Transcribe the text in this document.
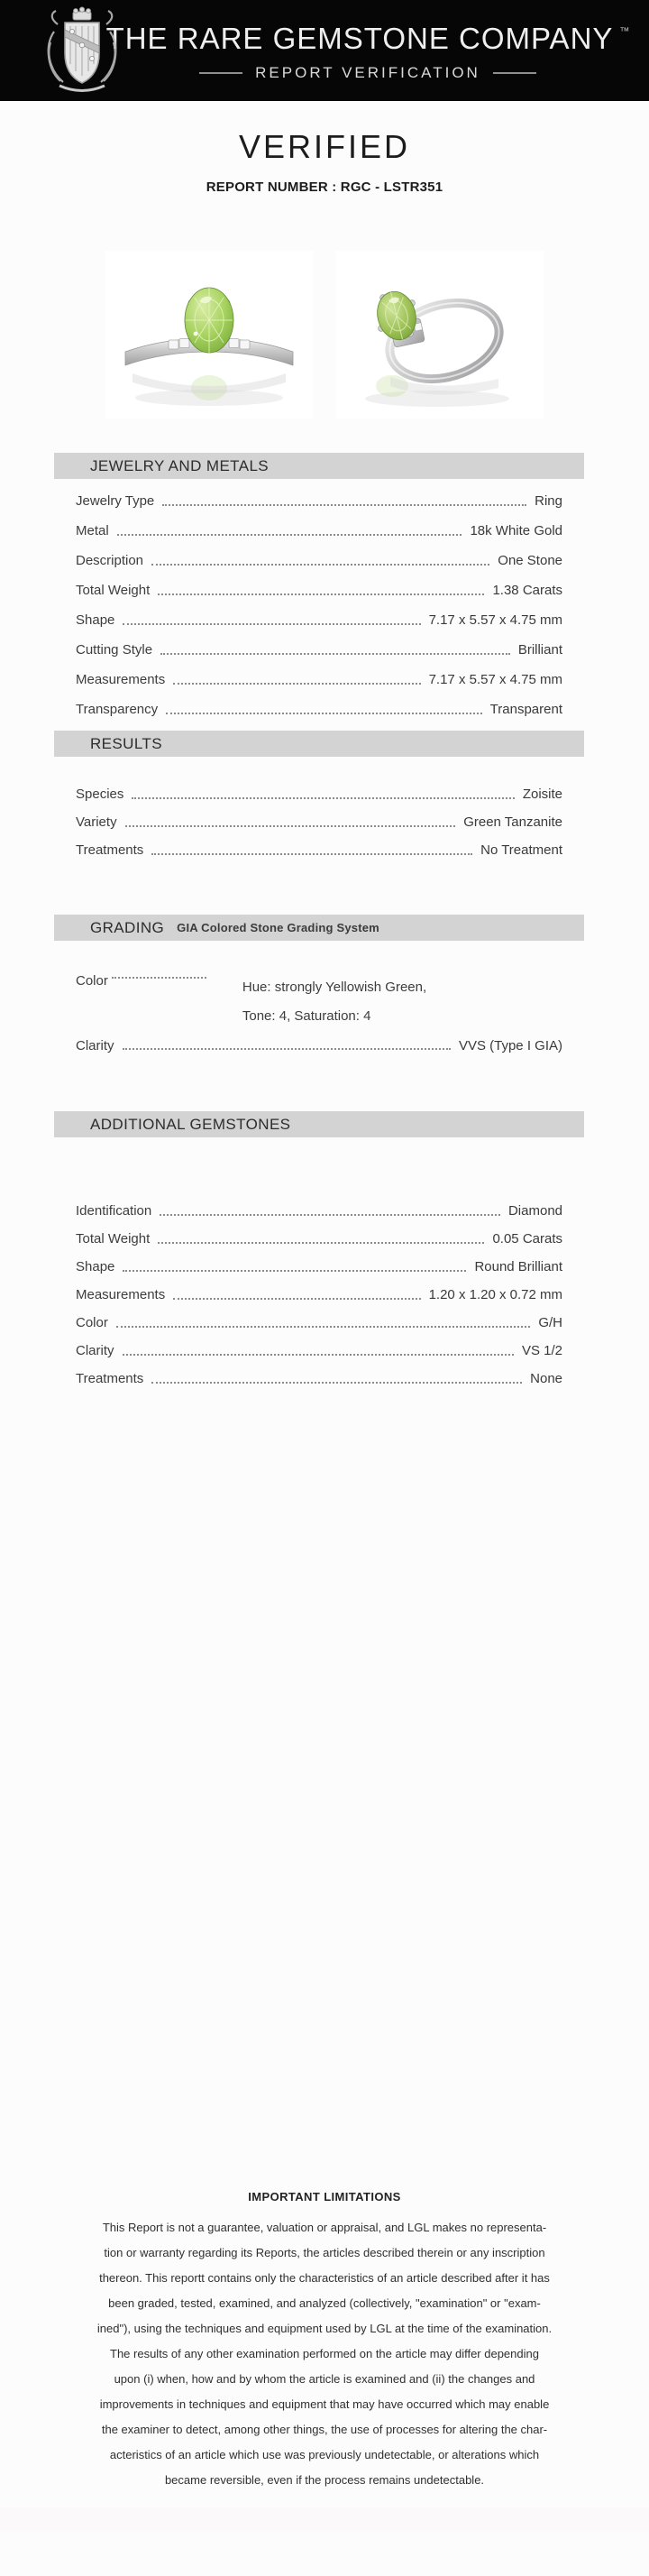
THE RARE GEMSTONE COMPANY ™
REPORT VERIFICATION
VERIFIED
REPORT NUMBER : RGC - LSTR351
JEWELRY AND METALS
Jewelry Type	Ring
Metal	18k White Gold
Description	One Stone
Total Weight	1.38 Carats
Shape	7.17 x 5.57 x 4.75 mm
Cutting Style	Brilliant
Measurements	7.17 x 5.57 x 4.75 mm
Transparency	Transparent
RESULTS
Species	Zoisite
Variety	Green Tanzanite
Treatments	No Treatment
GRADING GIA Colored Stone Grading System
Color	Hue: strongly Yellowish Green,
Tone: 4, Saturation: 4
Clarity	VVS (Type I GIA)
ADDITIONAL GEMSTONES
Identification	Diamond
Total Weight	0.05 Carats
Shape	Round Brilliant
Measurements	1.20 x 1.20 x 0.72 mm
Color	G/H
Clarity	VS 1/2
Treatments	None
IMPORTANT LIMITATIONS
This Report is not a guarantee, valuation or appraisal, and LGL makes no representa-
tion or warranty regarding its Reports, the articles described therein or any inscription
thereon. This reportt contains only the characteristics of an article described after it has
been graded, tested, examined, and analyzed (collectively, "examination" or "exam-
ined"), using the techniques and equipment used by LGL at the time of the examination.
The results of any other examination performed on the article may differ depending
upon (i) when, how and by whom the article is examined and (ii) the changes and
improvements in techniques and equipment that may have occurred which may enable
the examiner to detect, among other things, the use of processes for altering the char-
acteristics of an article which use was previously undetectable, or alterations which
became reversible, even if the process remains undetectable.
